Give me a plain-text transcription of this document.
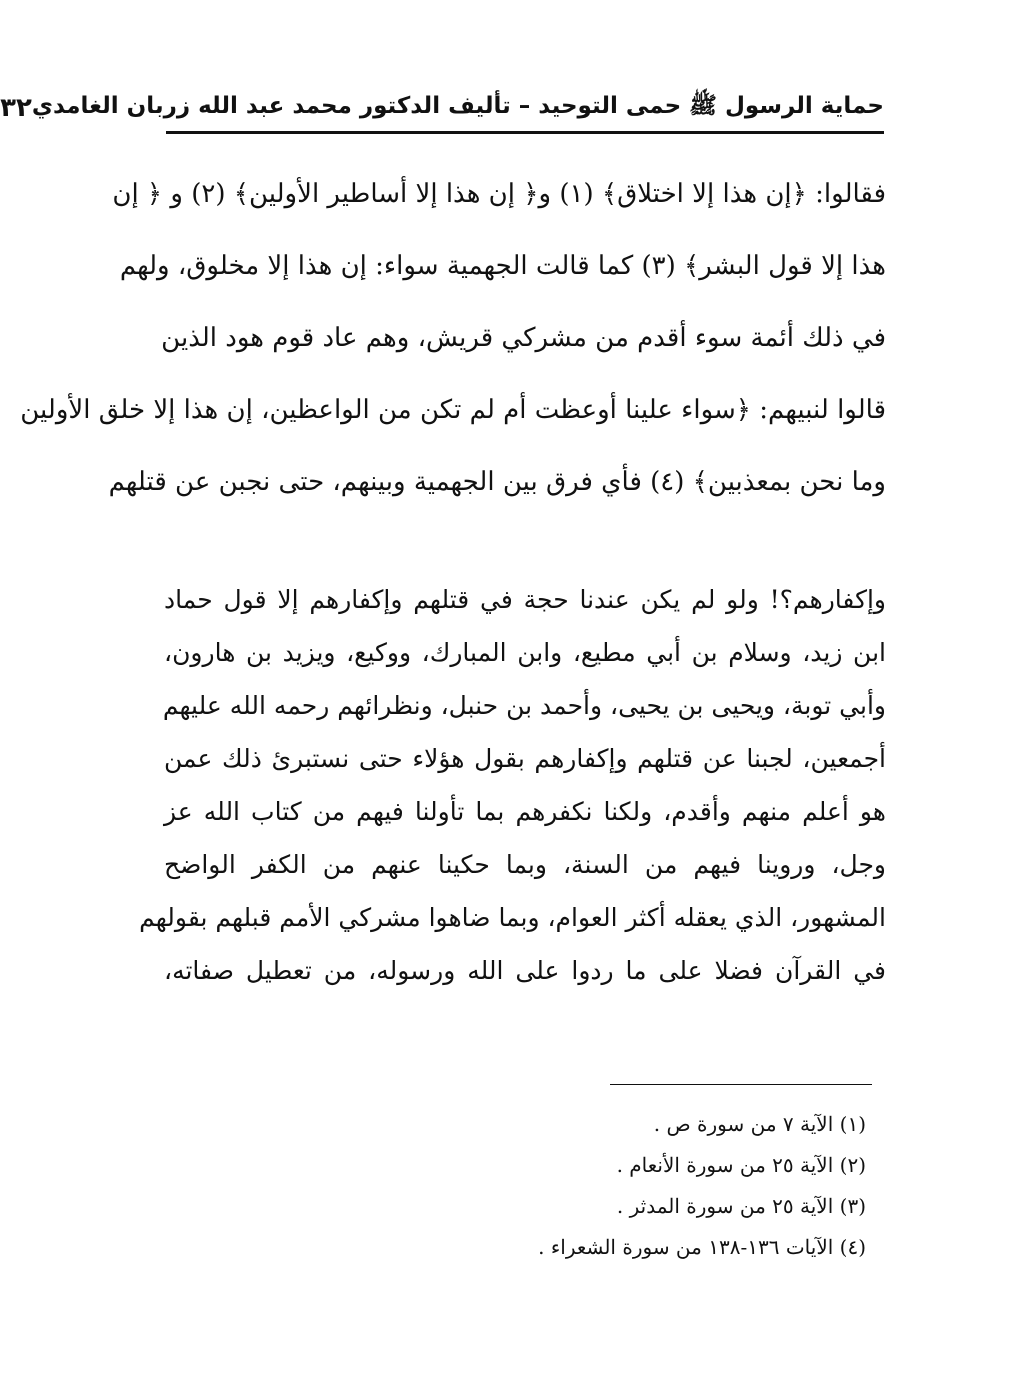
حماية الرسول ﷺ حمى التوحيد – تأليف الدكتور محمد عبد الله زربان الغامدي
٣٢
فقالوا: ﴿إن هذا إلا اختلاق﴾ (١) و﴿ إن هذا إلا أساطير الأولين﴾ (٢) و ﴿ إن
هذا إلا قول البشر﴾ (٣) كما قالت الجهمية سواء: إن هذا إلا مخلوق، ولهم
في ذلك أئمة سوء أقدم من مشركي قريش، وهم عاد قوم هود الذين
قالوا لنبيهم: ﴿سواء علينا أوعظت أم لم تكن من الواعظين، إن هذا إلا خلق الأولين
وما نحن بمعذبين﴾ (٤) فأي فرق بين الجهمية وبينهم، حتى نجبن عن قتلهم
وإكفارهم؟! ولو لم يكن عندنا حجة في قتلهم وإكفارهم إلا قول حماد
ابن زيد، وسلام بن أبي مطيع، وابن المبارك، ووكيع، ويزيد بن هارون،
وأبي توبة، ويحيى بن يحيى، وأحمد بن حنبل، ونظرائهم رحمه الله عليهم
أجمعين، لجبنا عن قتلهم وإكفارهم بقول هؤلاء حتى نستبرئ ذلك عمن
هو أعلم منهم وأقدم، ولكنا نكفرهم بما تأولنا فيهم من كتاب الله عز
وجل، وروينا فيهم من السنة، وبما حكينا عنهم من الكفر الواضح
المشهور، الذي يعقله أكثر العوام، وبما ضاهوا مشركي الأمم قبلهم بقولهم
في القرآن فضلا على ما ردوا على الله ورسوله، من تعطيل صفاته،
(١) الآية ٧ من سورة ص .
(٢) الآية ٢٥ من سورة الأنعام .
(٣) الآية ٢٥ من سورة المدثر .
(٤) الآيات ١٣٦-١٣٨ من سورة الشعراء .
